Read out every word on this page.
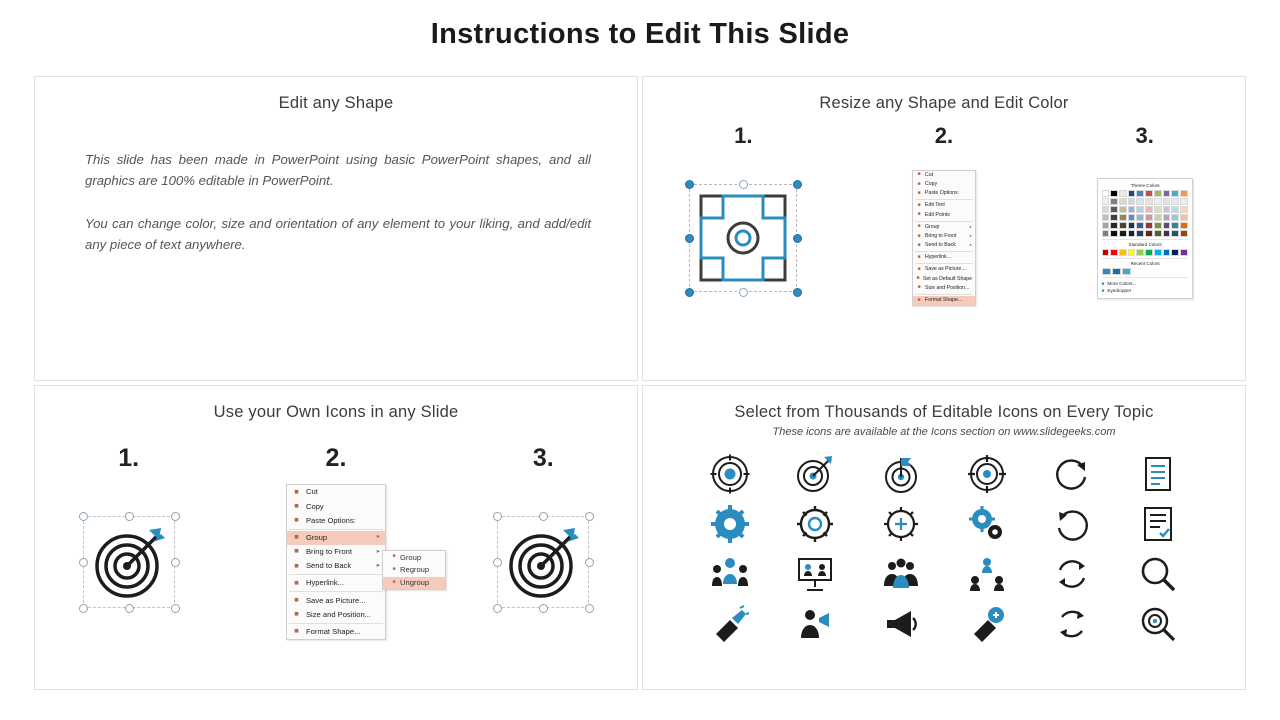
Instructions to Edit This Slide
Edit any Shape
This slide has been made in PowerPoint using basic PowerPoint shapes, and all graphics are 100% editable in PowerPoint.
You can change color, size and orientation of any element to your liking, and add/edit any piece of text anywhere.
Resize any Shape and Edit Color
1.	2.
■ Cut
■ Copy
■ Paste Options:
■ Edit Text
■ Edit Points
■ Group	▸
■ Bring to Front	▸
■ Send to Back	▸
■ Hyperlink...
■ Save as Picture...
■ Set as Default Shape
■ Size and Position...
■ Format Shape...
3.
Theme Colors
Standard Colors
Recent Colors
■ More Colors...
■ Eyedropper
Use your Own Icons in any Slide
1.	2.
■ Cut
■ Copy
■ Paste Options:
■ Group	▸
■ Bring to Front	▸
■ Send to Back	▸
■ Hyperlink...
■ Save as Picture...
■ Size and Position...
■ Format Shape...
■ Group
■ Regroup
■ Ungroup
3.
Select from Thousands of Editable Icons on Every Topic
These icons are available at the Icons section on www.slidegeeks.com
